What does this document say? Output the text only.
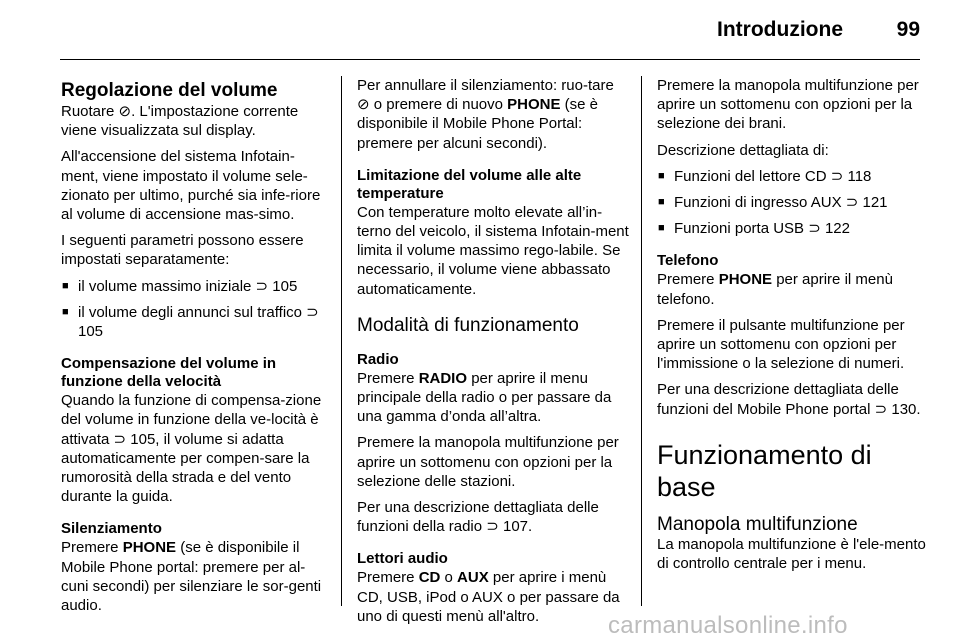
Introduzione	99
Regolazione del volume

Ruotare ⊘. L'impostazione corrente viene visualizzata sul display.

All'accensione del sistema Infotain-ment, viene impostato il volume sele-zionato per ultimo, purché sia infe-riore al volume di accensione mas-simo.

I seguenti parametri possono essere impostati separatamente:

■ il volume massimo iniziale ⊃ 105
■ il volume degli annunci sul traffico ⊃ 105
Compensazione del volume in funzione della velocità

Quando la funzione di compensa-zione del volume in funzione della ve-locità è attivata ⊃ 105, il volume si adatta automaticamente per compen-sare la rumorosità della strada e del vento durante la guida.

Silenziamento

Premere PHONE (se è disponibile il Mobile Phone portal: premere per al-cuni secondi) per silenziare le sor-genti audio.

Per annullare il silenziamento: ruo-tare ⊘ o premere di nuovo PHONE (se è disponibile il Mobile Phone Portal: premere per alcuni secondi).

Limitazione del volume alle alte temperature

Con temperature molto elevate all’in-terno del veicolo, il sistema Infotain-ment limita il volume massimo rego-labile. Se necessario, il volume viene abbassato automaticamente.

Modalità di funzionamento
Radio

Premere RADIO per aprire il menu principale della radio o per passare da una gamma d’onda all’altra.

Premere la manopola multifunzione per aprire un sottomenu con opzioni per la selezione delle stazioni.

Per una descrizione dettagliata delle funzioni della radio ⊃ 107.

Lettori audio

Premere CD o AUX per aprire i menù CD, USB, iPod o AUX o per passare da uno di questi menù all'altro.

Premere la manopola multifunzione per aprire un sottomenu con opzioni per la selezione dei brani.

Descrizione dettagliata di:

■ Funzioni del lettore CD ⊃ 118
■ Funzioni di ingresso AUX ⊃ 121
■ Funzioni porta USB ⊃ 122
Telefono

Premere PHONE per aprire il menù telefono.

Premere il pulsante multifunzione per aprire un sottomenu con opzioni per l'immissione o la selezione di numeri.

Per una descrizione dettagliata delle funzioni del Mobile Phone portal ⊃ 130.

Funzionamento di base
Manopola multifunzione

La manopola multifunzione è l'ele-mento di controllo centrale per i menu.

carmanualsonline.info
